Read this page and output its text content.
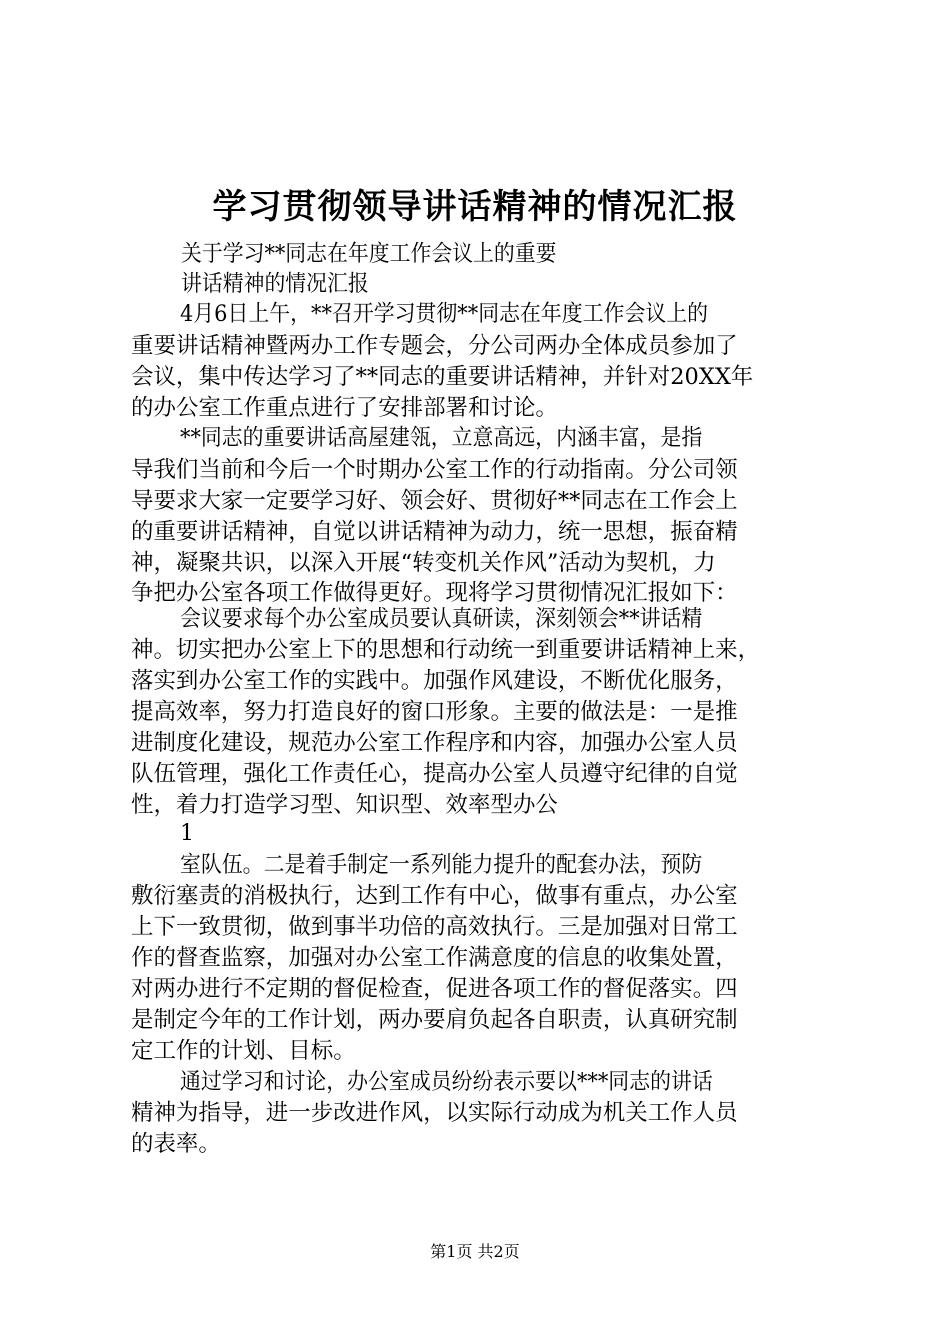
学习贯彻领导讲话精神的情况汇报
关于学习**同志在年度工作会议上的重要
讲话精神的情况汇报
4月6日上午，**召开学习贯彻**同志在年度工作会议上的
重要讲话精神暨两办工作专题会，分公司两办全体成员参加了
会议，集中传达学习了**同志的重要讲话精神，并针对20XX年
的办公室工作重点进行了安排部署和讨论。
**同志的重要讲话高屋建瓴，立意高远，内涵丰富，是指
导我们当前和今后一个时期办公室工作的行动指南。分公司领
导要求大家一定要学习好、领会好、贯彻好**同志在工作会上
的重要讲话精神，自觉以讲话精神为动力，统一思想，振奋精
神，凝聚共识，以深入开展“转变机关作风”活动为契机，力
争把办公室各项工作做得更好。现将学习贯彻情况汇报如下：
会议要求每个办公室成员要认真研读，深刻领会**讲话精
神。切实把办公室上下的思想和行动统一到重要讲话精神上来，
落实到办公室工作的实践中。加强作风建设，不断优化服务，
提高效率，努力打造良好的窗口形象。主要的做法是：一是推
进制度化建设，规范办公室工作程序和内容，加强办公室人员
队伍管理，强化工作责任心，提高办公室人员遵守纪律的自觉
性，着力打造学习型、知识型、效率型办公
1
室队伍。二是着手制定一系列能力提升的配套办法，预防
敷衍塞责的消极执行，达到工作有中心，做事有重点，办公室
上下一致贯彻，做到事半功倍的高效执行。三是加强对日常工
作的督查监察，加强对办公室工作满意度的信息的收集处置，
对两办进行不定期的督促检查，促进各项工作的督促落实。四
是制定今年的工作计划，两办要肩负起各自职责，认真研究制
定工作的计划、目标。
通过学习和讨论，办公室成员纷纷表示要以***同志的讲话
精神为指导，进一步改进作风，以实际行动成为机关工作人员
的表率。
第1页 共2页
